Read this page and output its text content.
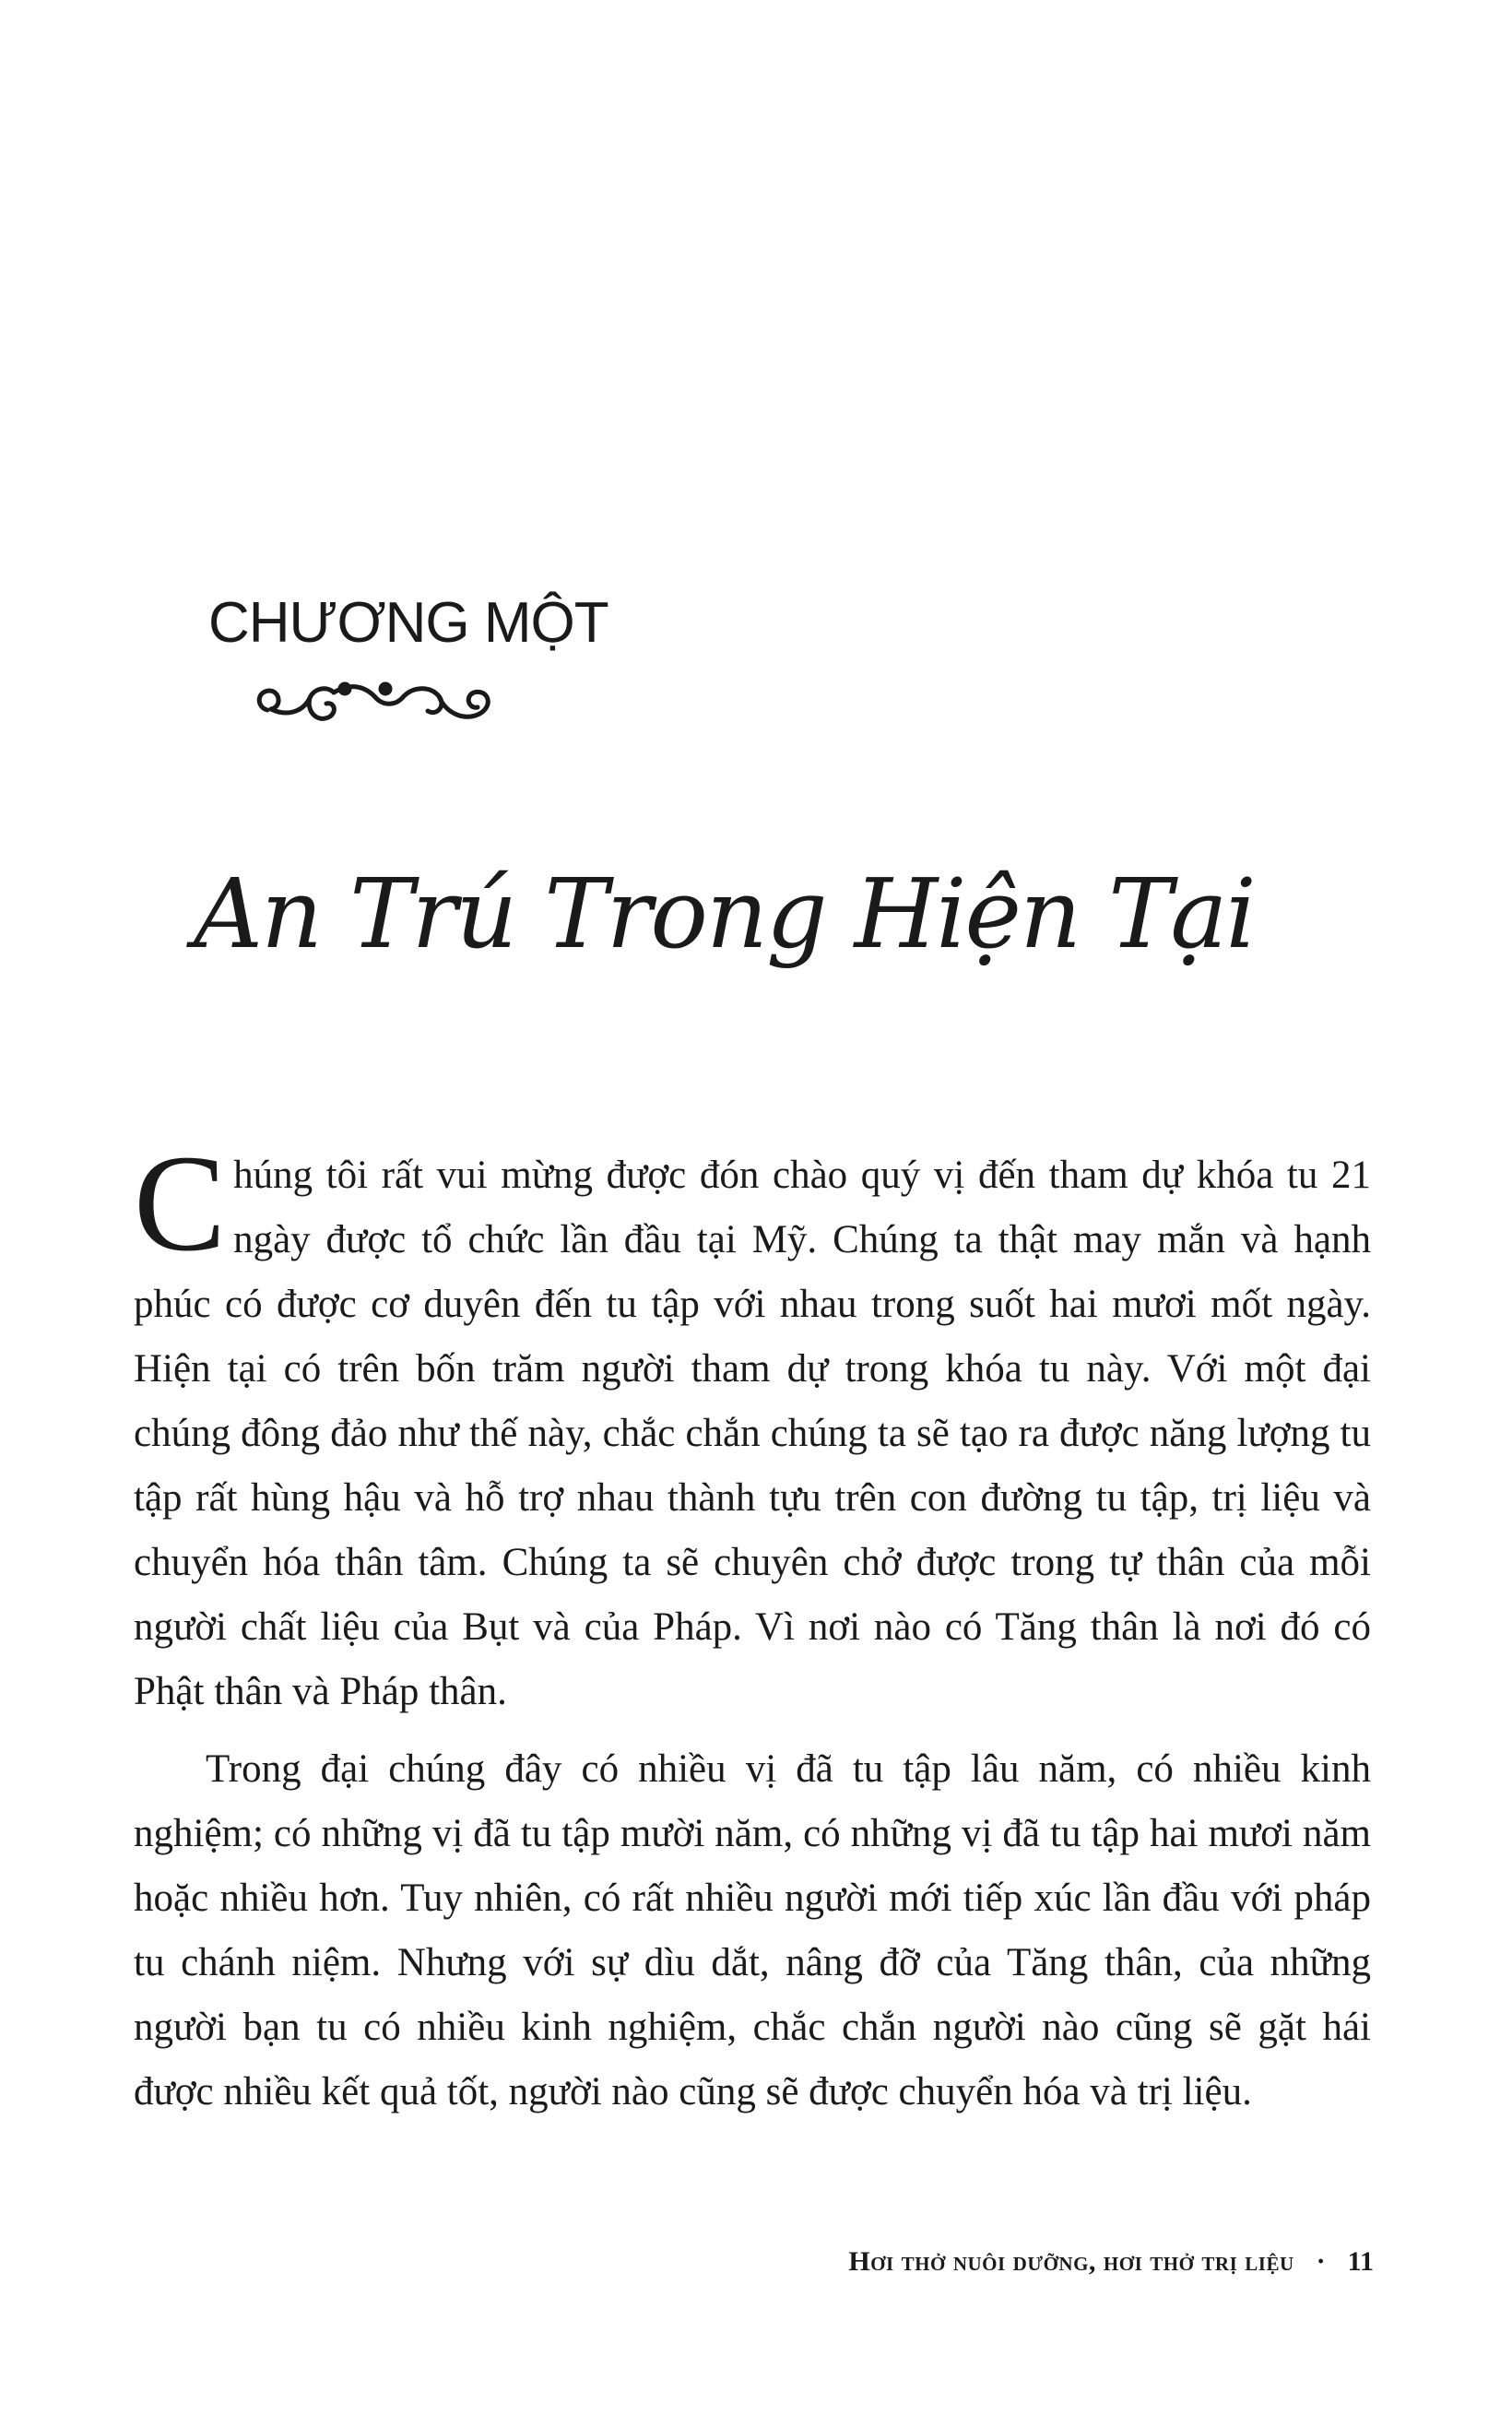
CHƯƠNG MỘT
An Trú Trong Hiện Tại

Chúng tôi rất vui mừng được đón chào quý vị đến tham dự khóa tu 21 ngày được tổ chức lần đầu tại Mỹ. Chúng ta thật may mắn và hạnh phúc có được cơ duyên đến tu tập với nhau trong suốt hai mươi mốt ngày. Hiện tại có trên bốn trăm người tham dự trong khóa tu này. Với một đại chúng đông đảo như thế này, chắc chắn chúng ta sẽ tạo ra được năng lượng tu tập rất hùng hậu và hỗ trợ nhau thành tựu trên con đường tu tập, trị liệu và chuyển hóa thân tâm. Chúng ta sẽ chuyên chở được trong tự thân của mỗi người chất liệu của Bụt và của Pháp. Vì nơi nào có Tăng thân là nơi đó có Phật thân và Pháp thân.

Trong đại chúng đây có nhiều vị đã tu tập lâu năm, có nhiều kinh nghiệm; có những vị đã tu tập mười năm, có những vị đã tu tập hai mươi năm hoặc nhiều hơn. Tuy nhiên, có rất nhiều người mới tiếp xúc lần đầu với pháp tu chánh niệm. Nhưng với sự dìu dắt, nâng đỡ của Tăng thân, của những người bạn tu có nhiều kinh nghiệm, chắc chắn người nào cũng sẽ gặt hái được nhiều kết quả tốt, người nào cũng sẽ được chuyển hóa và trị liệu.

Hơi thở nuôi dưỡng, hơi thở trị liệu · 11
